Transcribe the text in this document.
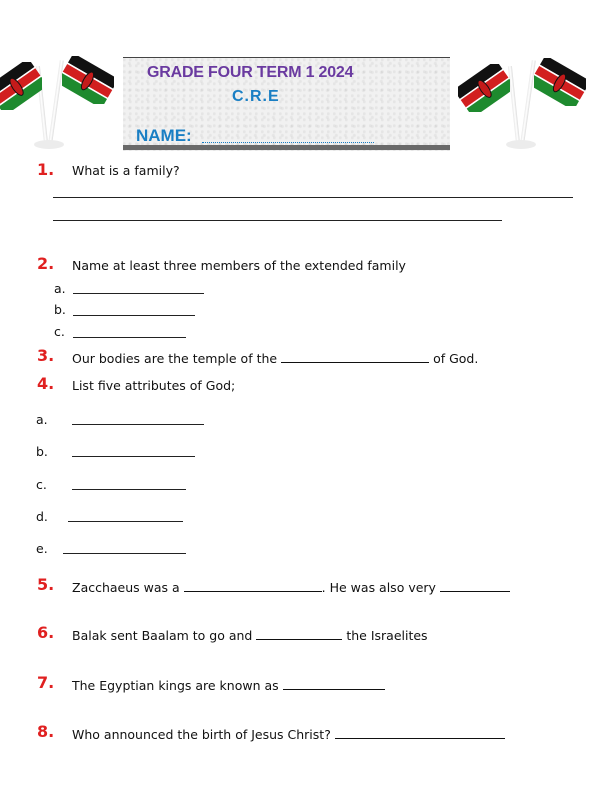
GRADE FOUR TERM 1 2024
C.R.E
NAME:
1. What is a family?
2. Name at least three members of the extended family
a.
b.
c.
3. Our bodies are the temple of the	of God.
4. List five attributes of God;
a.
b.
c.
d.
e.
5. Zacchaeus was a	. He was also very
6. Balak sent Baalam to go and	the Israelites
7. The Egyptian kings are known as
8. Who announced the birth of Jesus Christ?
